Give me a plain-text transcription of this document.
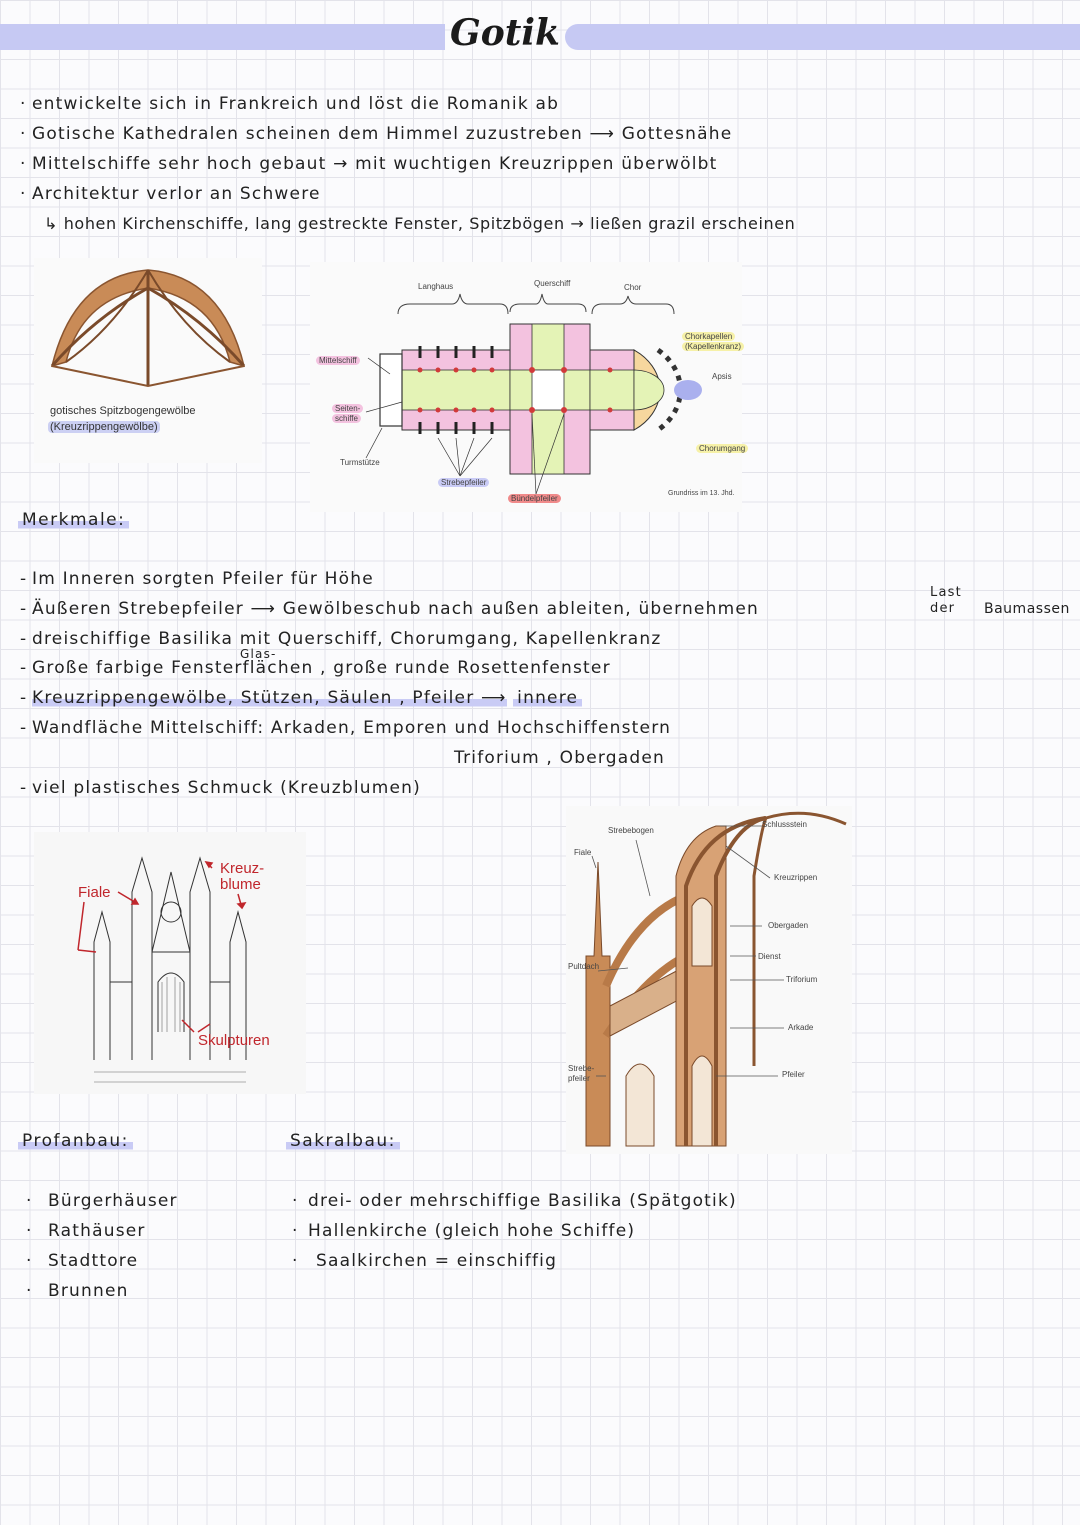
Gotik
· entwickelte sich in Frankreich und löst die Romanik ab
· Gotische Kathedralen scheinen dem Himmel zuzustreben ⟶ Gottesnähe
· Mittelschiffe sehr hoch gebaut → mit wuchtigen Kreuzrippen überwölbt
· Architektur verlor an Schwere
↳ hohen Kirchenschiffe, lang gestreckte Fenster, Spitzbögen → ließen grazil erscheinen
gotisches Spitzbogengewölbe
(Kreuzrippengewölbe)
Langhaus	Querschiff	Chor
Mittelschiff
Seiten-
schiffe
Turmstütze
Strebepfeiler
Bündelpfeiler
Chorkapellen
(Kapellenkranz)
Apsis
Chorumgang
Grundriss im 13. Jhd.
Merkmale:
- Im Inneren sorgten Pfeiler für Höhe
- Äußeren Strebepfeiler ⟶ Gewölbeschub nach außen ableiten, übernehmen
Last
der Baumassen
- dreischiffige Basilika mit Querschiff, Chorumgang, Kapellenkranz
Glas-
- Große farbige Fensterflächen , große runde Rosettenfenster
- Kreuzrippengewölbe, Stützen, Säulen , Pfeiler ⟶ innere
- Wandfläche Mittelschiff: Arkaden, Emporen und Hochschiffenstern
Triforium , Obergaden
- viel plastisches Schmuck (Kreuzblumen)
Fiale
Kreuz-
blume
Skulpturen
Strebebogen
Schlussstein
Fiale
Kreuzrippen
Obergaden
Dienst
Pultdach
Triforium
Arkade
Strebe-
pfeiler	Pfeiler
Profanbau:	Sakralbau:
· Bürgerhäuser
· Rathäuser
· Stadttore
· Brunnen
· drei- oder mehrschiffige Basilika (Spätgotik)
· Hallenkirche (gleich hohe Schiffe)
· Saalkirchen = einschiffig
